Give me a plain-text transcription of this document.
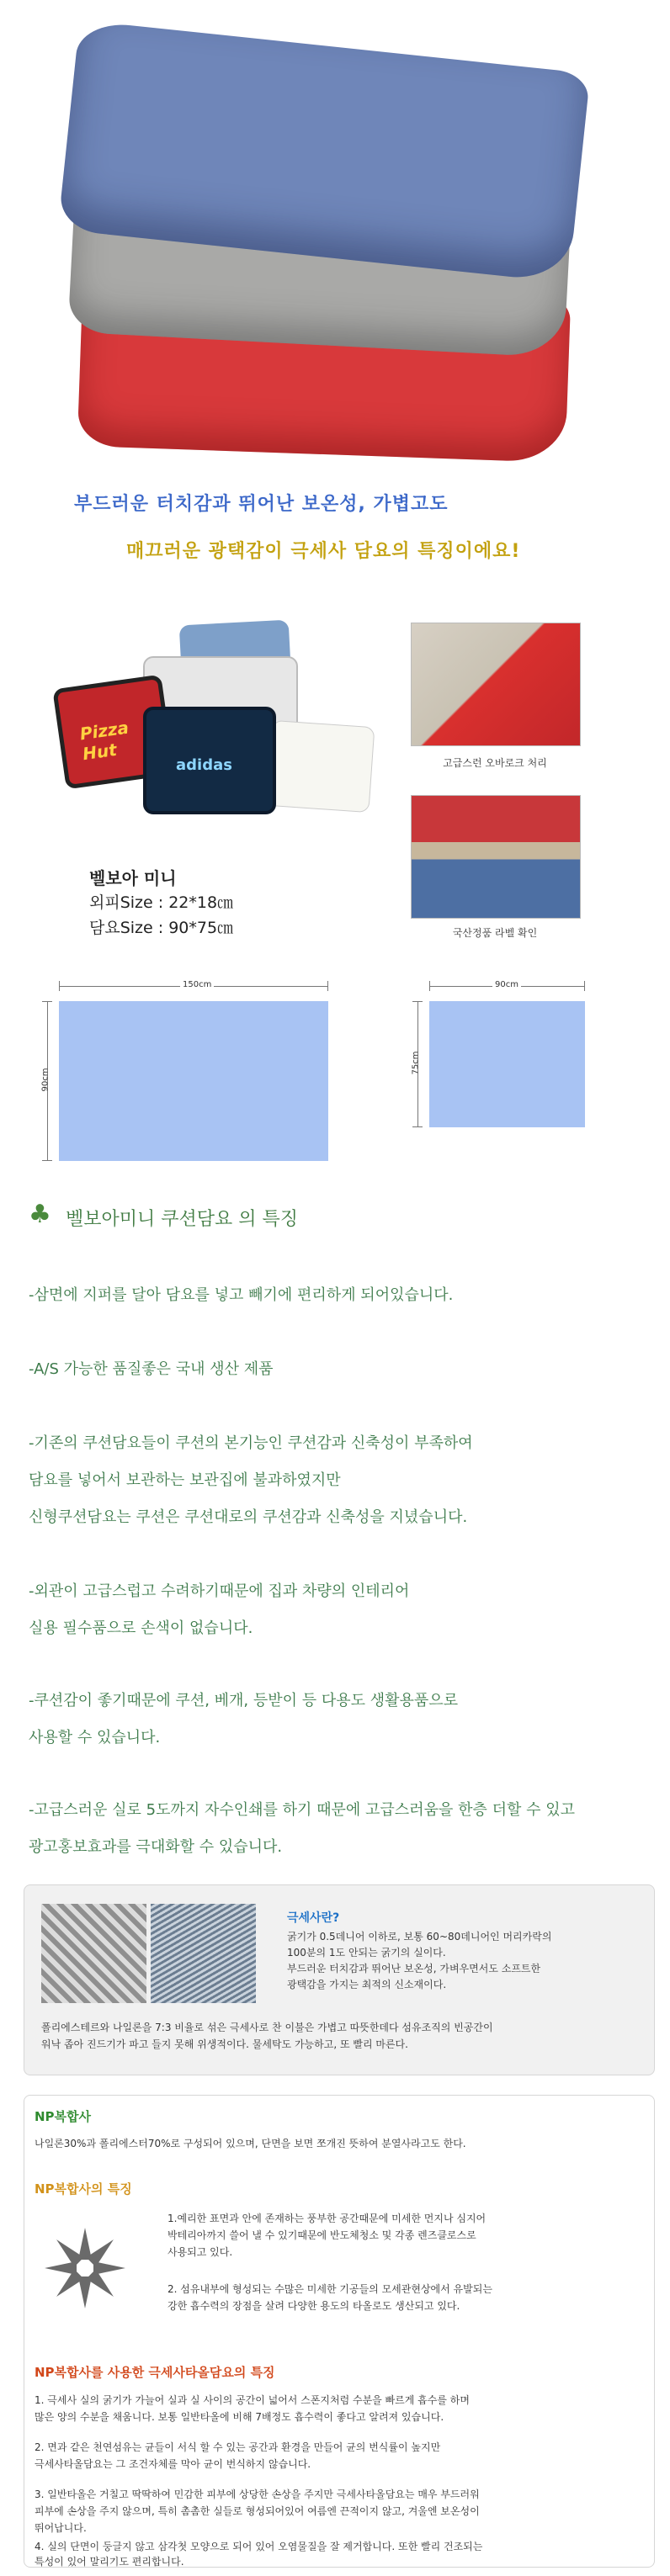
부드러운 터치감과 뛰어난 보온성, 가볍고도
매끄러운 광택감이 극세사 담요의 특징이에요!
Pizza Hut
adidas
벨보아 미니
외피Size : 22*18㎝
담요Size : 90*75㎝
고급스런 오바로크 처리
국산정품 라벨 확인
150cm
90cm
90cm
75cm
♣ 벨보아미니 쿠션담요 의 특징
-삼면에 지퍼를 달아 담요를 넣고 빼기에 편리하게 되어있습니다.
-A/S 가능한 품질좋은 국내 생산 제품
-기존의 쿠션담요들이 쿠션의 본기능인 쿠션감과 신축성이 부족하여
담요를 넣어서 보관하는 보관집에 불과하였지만
신형쿠션담요는 쿠션은 쿠션대로의 쿠션감과 신축성을 지녔습니다.
-외관이 고급스럽고 수려하기때문에 집과 차량의 인테리어
실용 필수품으로 손색이 없습니다.
-쿠션감이 좋기때문에 쿠션, 베개, 등받이 등 다용도 생활용품으로
사용할 수 있습니다.
-고급스러운 실로 5도까지 자수인쇄를 하기 때문에 고급스러움을 한층 더할 수 있고
광고홍보효과를 극대화할 수 있습니다.
극세사란?
굵기가 0.5데니어 이하로, 보통 60~80데니어인 머리카락의
100분의 1도 안되는 굵기의 실이다.
부드러운 터치감과 뛰어난 보온성, 가벼우면서도 소프트한
광택감을 가지는 최적의 신소재이다.
폴리에스테르와 나일론을 7:3 비율로 섞은 극세사로 찬 이불은 가볍고 따뜻한데다 섬유조직의 빈공간이
워낙 좁아 진드기가 파고 들지 못해 위생적이다. 물세탁도 가능하고, 또 빨리 마른다.
NP복합사
나일론30%과 폴리에스터70%로 구성되어 있으며, 단면을 보면 쪼개진 뜻하여 분열사라고도 한다.
NP복합사의 특징
1.예리한 표면과 안에 존재하는 풍부한 공간때문에 미세한 먼지나 심지어
박테리아까지 쓸어 낼 수 있기때문에 반도체청소 및 각종 렌즈클로스로
사용되고 있다.
2. 섬유내부에 형성되는 수많은 미세한 기공들의 모세관현상에서 유발되는
강한 흡수력의 장점을 살려 다양한 용도의 타올로도 생산되고 있다.
NP복합사를 사용한 극세사타올담요의 특징
1. 극세사 실의 굵기가 가늘어 실과 실 사이의 공간이 넓어서 스폰지처럼 수분을 빠르게 흡수를 하며
많은 양의 수분을 채움니다. 보통 일반타올에 비해 7배정도 흡수력이 좋다고 알려져 있습니다.
2. 면과 같은 천연섬유는 균들이 서식 할 수 있는 공간과 환경을 만들어 균의 번식률이 높지만
극세사타올담요는 그 조건자체를 막아 균이 번식하지 않습니다.
3. 일반타올은 거칠고 딱딱하여 민감한 피부에 상당한 손상을 주지만 극세사타올담요는 매우 부드러워
피부에 손상을 주지 않으며, 특히 촘촘한 실들로 형성되어있어 여름엔 끈적이지 않고, 겨울엔 보온성이
뛰어납니다.
4. 실의 단면이 둥글지 않고 삼각첫 모양으로 되어 있어 오염물질을 잘 제거합니다. 또한 빨리 건조되는
특성이 있어 말리기도 편리합니다.
